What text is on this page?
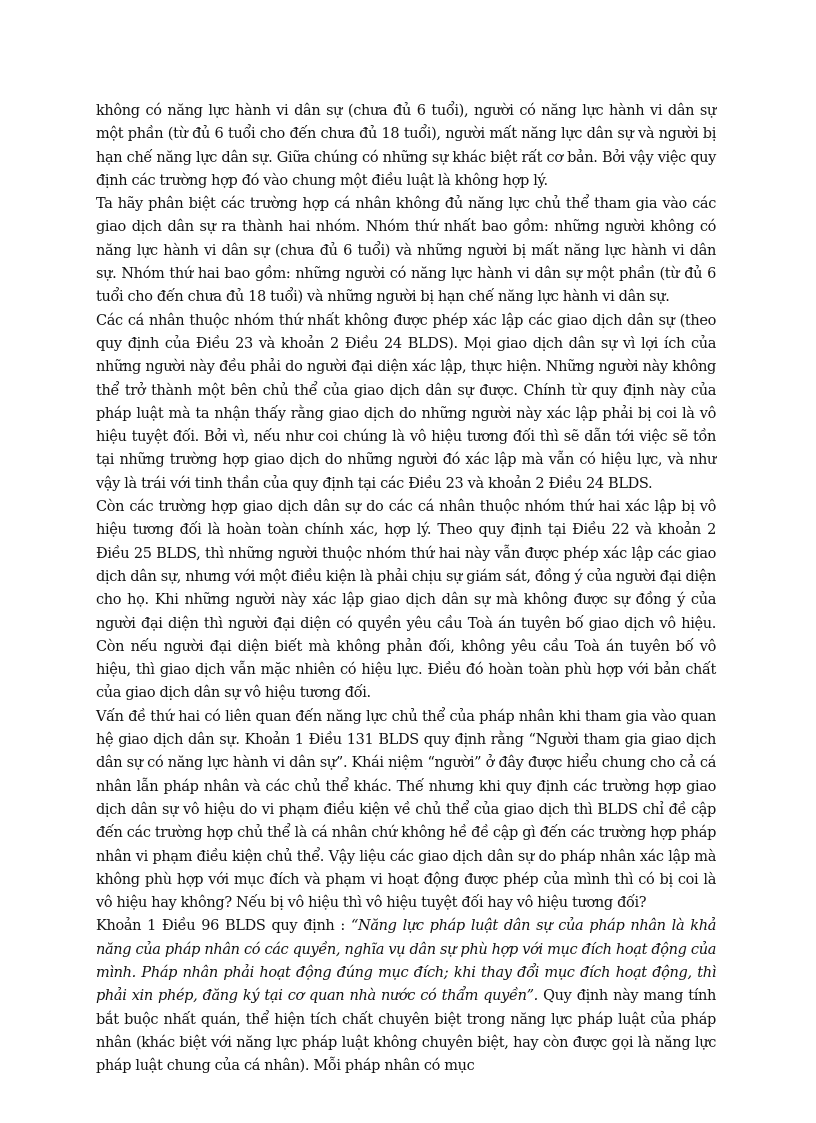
không có năng lực hành vi dân sự (chưa đủ 6 tuổi), người có năng lực hành vi dân sự một phần (từ đủ 6 tuổi cho đến chưa đủ 18 tuổi), người mất năng lực dân sự và người bị hạn chế năng lực dân sự. Giữa chúng có những sự khác biệt rất cơ bản. Bởi vậy việc quy định các trường hợp đó vào chung một điều luật là không hợp lý.

Ta hãy phân biệt các trường hợp cá nhân không đủ năng lực chủ thể tham gia vào các giao dịch dân sự ra thành hai nhóm. Nhóm thứ nhất bao gồm: những người không có năng lực hành vi dân sự (chưa đủ 6 tuổi) và những người bị mất năng lực hành vi dân sự. Nhóm thứ hai bao gồm: những người có năng lực hành vi dân sự một phần (từ đủ 6 tuổi cho đến chưa đủ 18 tuổi) và những người bị hạn chế năng lực hành vi dân sự.

Các cá nhân thuộc nhóm thứ nhất không được phép xác lập các giao dịch dân sự (theo quy định của Điều 23 và khoản 2 Điều 24 BLDS). Mọi giao dịch dân sự vì lợi ích của những người này đều phải do người đại diện xác lập, thực hiện. Những người này không thể trở thành một bên chủ thể của giao dịch dân sự được. Chính từ quy định này của pháp luật mà ta nhận thấy rằng giao dịch do những người này xác lập phải bị coi là vô hiệu tuyệt đối. Bởi vì, nếu như coi chúng là vô hiệu tương đối thì sẽ dẫn tới việc sẽ tồn tại những trường hợp giao dịch do những người đó xác lập mà vẫn có hiệu lực, và như vậy là trái với tinh thần của quy định tại các Điều 23 và khoản 2 Điều 24 BLDS.

Còn các trường hợp giao dịch dân sự do các cá nhân thuộc nhóm thứ hai xác lập bị vô hiệu tương đối là hoàn toàn chính xác, hợp lý. Theo quy định tại Điều 22 và khoản 2 Điều 25 BLDS, thì những người thuộc nhóm thứ hai này vẫn được phép xác lập các giao dịch dân sự, nhưng với một điều kiện là phải chịu sự giám sát, đồng ý của người đại diện cho họ. Khi những người này xác lập giao dịch dân sự mà không được sự đồng ý của người đại diện thì người đại diện có quyền yêu cầu Toà án tuyên bố giao dịch vô hiệu. Còn nếu người đại diện biết mà không phản đối, không yêu cầu Toà án tuyên bố vô hiệu, thì giao dịch vẫn mặc nhiên có hiệu lực. Điều đó hoàn toàn phù hợp với bản chất của giao dịch dân sự vô hiệu tương đối.

Vấn đề thứ hai có liên quan đến năng lực chủ thể của pháp nhân khi tham gia vào quan hệ giao dịch dân sự. Khoản 1 Điều 131 BLDS quy định rằng “Người tham gia giao dịch dân sự có năng lực hành vi dân sự”. Khái niệm “người” ở đây được hiểu chung cho cả cá nhân lẫn pháp nhân và các chủ thể khác. Thế nhưng khi quy định các trường hợp giao dịch dân sự vô hiệu do vi phạm điều kiện về chủ thể của giao dịch thì BLDS chỉ đề cập đến các trường hợp chủ thể là cá nhân chứ không hề đề cập gì đến các trường hợp pháp nhân vi phạm điều kiện chủ thể. Vậy liệu các giao dịch dân sự do pháp nhân xác lập mà không phù hợp với mục đích và phạm vi hoạt động được phép của mình thì có bị coi là vô hiệu hay không? Nếu bị vô hiệu thì vô hiệu tuyệt đối hay vô hiệu tương đối?

Khoản 1 Điều 96 BLDS quy định : “Năng lực pháp luật dân sự của pháp nhân là khả năng của pháp nhân có các quyền, nghĩa vụ dân sự phù hợp với mục đích hoạt động của mình. Pháp nhân phải hoạt động đúng mục đích; khi thay đổi mục đích hoạt động, thì phải xin phép, đăng ký tại cơ quan nhà nước có thẩm quyền”. Quy định này mang tính bắt buộc nhất quán, thể hiện tích chất chuyên biệt trong năng lực pháp luật của pháp nhân (khác biệt với năng lực pháp luật không chuyên biệt, hay còn được gọi là năng lực pháp luật chung của cá nhân). Mỗi pháp nhân có mục
